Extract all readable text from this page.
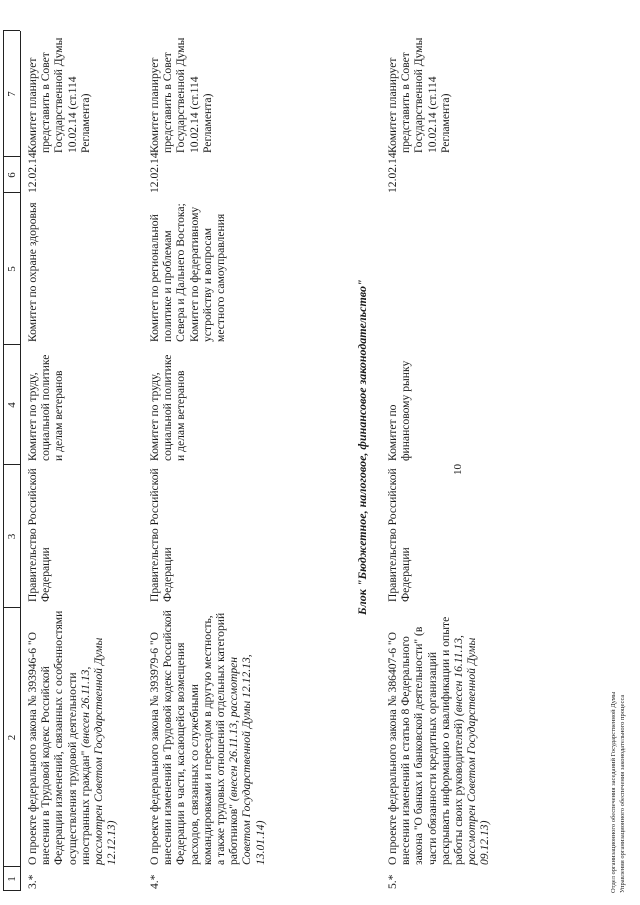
10
1
2
3
4
5
6
7
3.*
О проекте федерального закона № 393946-6 "О внесении в Трудовой кодекс Российской Федерации изменений, связанных с особенностями осуществления трудовой деятельности иностранных граждан" (внесен 26.11.13, рассмотрен Советом Государственной Думы 12.12.13)
Правительство Российской Федерации
Комитет по труду, социальной политике и делам ветеранов
Комитет по охране здоровья
12.02.14
Комитет планирует представить в Совет Государственной Думы 10.02.14 (ст.114 Регламента)
4.*
О проекте федерального закона № 393979-6 "О внесении изменений в Трудовой кодекс Российской Федерации в части, касающейся возмещения расходов, связанных со служебными командировками и переездом в другую местность, а также трудовых отношений отдельных категорий работников" (внесен 26.11.13, рассмотрен Советом Государственной Думы 12.12.13, 13.01.14)
Правительство Российской Федерации
Комитет по труду, социальной политике и делам ветеранов
Комитет по региональной политике и проблемам Севера и Дальнего Востока; Комитет по федеративному устройству и вопросам местного самоуправления
12.02.14
Комитет планирует представить в Совет Государственной Думы 10.02.14 (ст.114 Регламента)
Блок "Бюджетное, налоговое, финансовое законодательство"
5.*
О проекте федерального закона № 386407-6 "О внесении изменений в статью 8 Федерального закона "О банках и банковской деятельности" (в части обязанности кредитных организаций раскрывать информацию о квалификации и опыте работы своих руководителей) (внесен 16.11.13, рассмотрен Советом Государственной Думы 09.12.13)
Правительство Российской Федерации
Комитет по финансовому рынку
12.02.14
Комитет планирует представить в Совет Государственной Думы 10.02.14 (ст.114 Регламента)
Отдел организационного обеспечения заседаний Государственной Думы Управления организационного обеспечения законодательного процесса
